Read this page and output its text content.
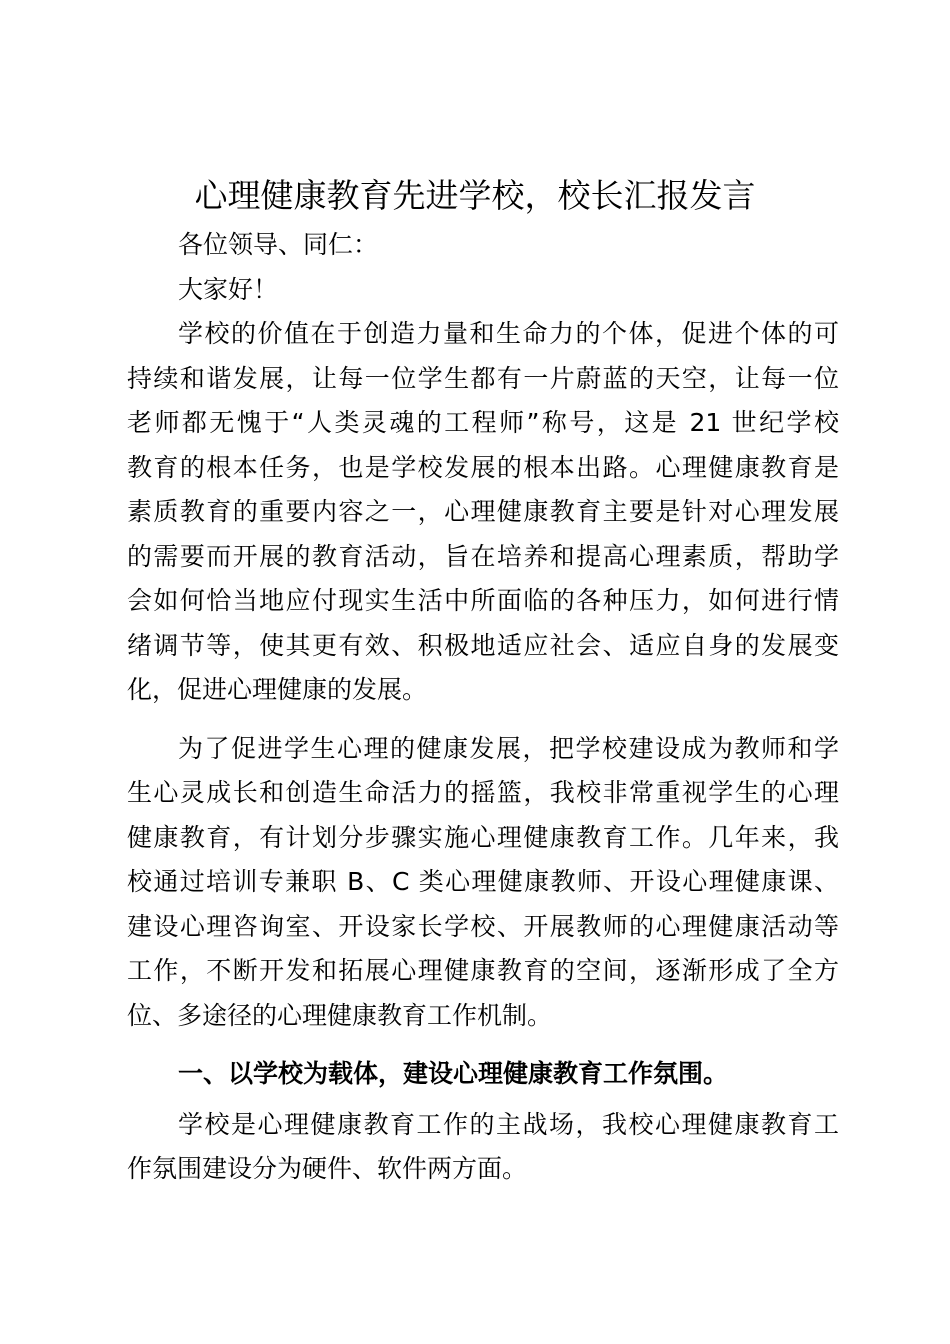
心理健康教育先进学校，校长汇报发言
各位领导、同仁：
大家好！
学校的价值在于创造力量和生命力的个体，促进个体的可
持续和谐发展，让每一位学生都有一片蔚蓝的天空，让每一位
老师都无愧于“人类灵魂的工程师”称号，这是 21 世纪学校
教育的根本任务，也是学校发展的根本出路。心理健康教育是
素质教育的重要内容之一，心理健康教育主要是针对心理发展
的需要而开展的教育活动，旨在培养和提高心理素质，帮助学
会如何恰当地应付现实生活中所面临的各种压力，如何进行情
绪调节等，使其更有效、积极地适应社会、适应自身的发展变
化，促进心理健康的发展。
为了促进学生心理的健康发展，把学校建设成为教师和学
生心灵成长和创造生命活力的摇篮，我校非常重视学生的心理
健康教育，有计划分步骤实施心理健康教育工作。几年来，我
校通过培训专兼职 B、C 类心理健康教师、开设心理健康课、
建设心理咨询室、开设家长学校、开展教师的心理健康活动等
工作，不断开发和拓展心理健康教育的空间，逐渐形成了全方
位、多途径的心理健康教育工作机制。
一、以学校为载体，建设心理健康教育工作氛围。
学校是心理健康教育工作的主战场，我校心理健康教育工
作氛围建设分为硬件、软件两方面。
